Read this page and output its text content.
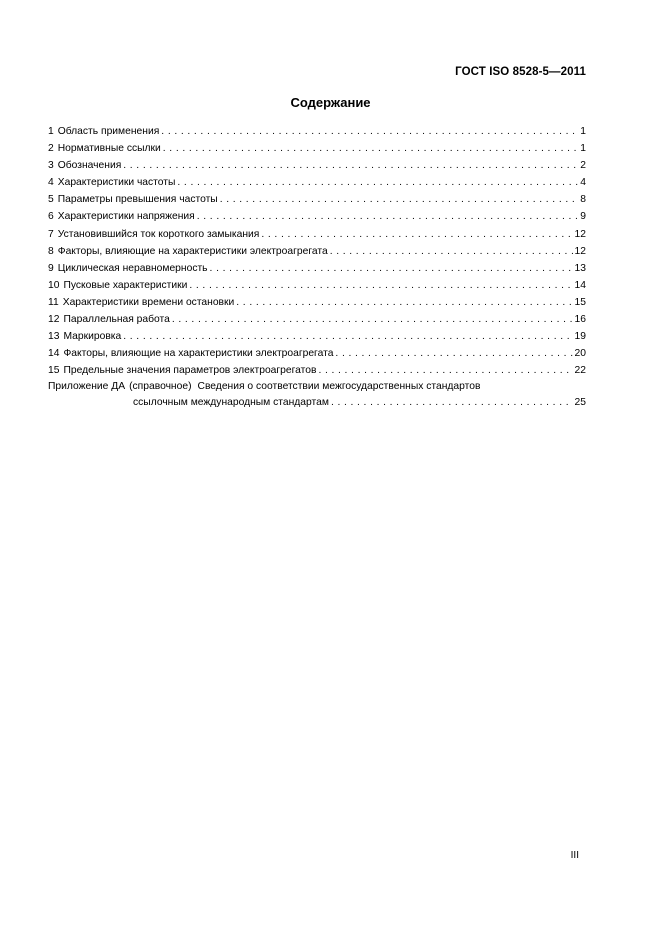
ГОСТ ISO 8528-5—2011
Содержание
1 Область применения . . .	1
2 Нормативные ссылки . . .	1
3 Обозначения . . .	2
4 Характеристики частоты . . .	4
5 Параметры превышения частоты . . .	8
6 Характеристики напряжения . . .	9
7 Установившийся ток короткого замыкания . . .	12
8 Факторы, влияющие на характеристики электроагрегата . . .	12
9 Циклическая неравномерность . . .	13
10 Пусковые характеристики . . .	14
11 Характеристики времени остановки . . .	15
12 Параллельная работа . . .	16
13 Маркировка . . .	19
14 Факторы, влияющие на характеристики электроагрегата . . .	20
15 Предельные значения параметров электроагрегатов . . .	22
Приложение ДА (справочное) Сведения о соответствии межгосударственных стандартов
ссылочным международным стандартам . . .	25
III
